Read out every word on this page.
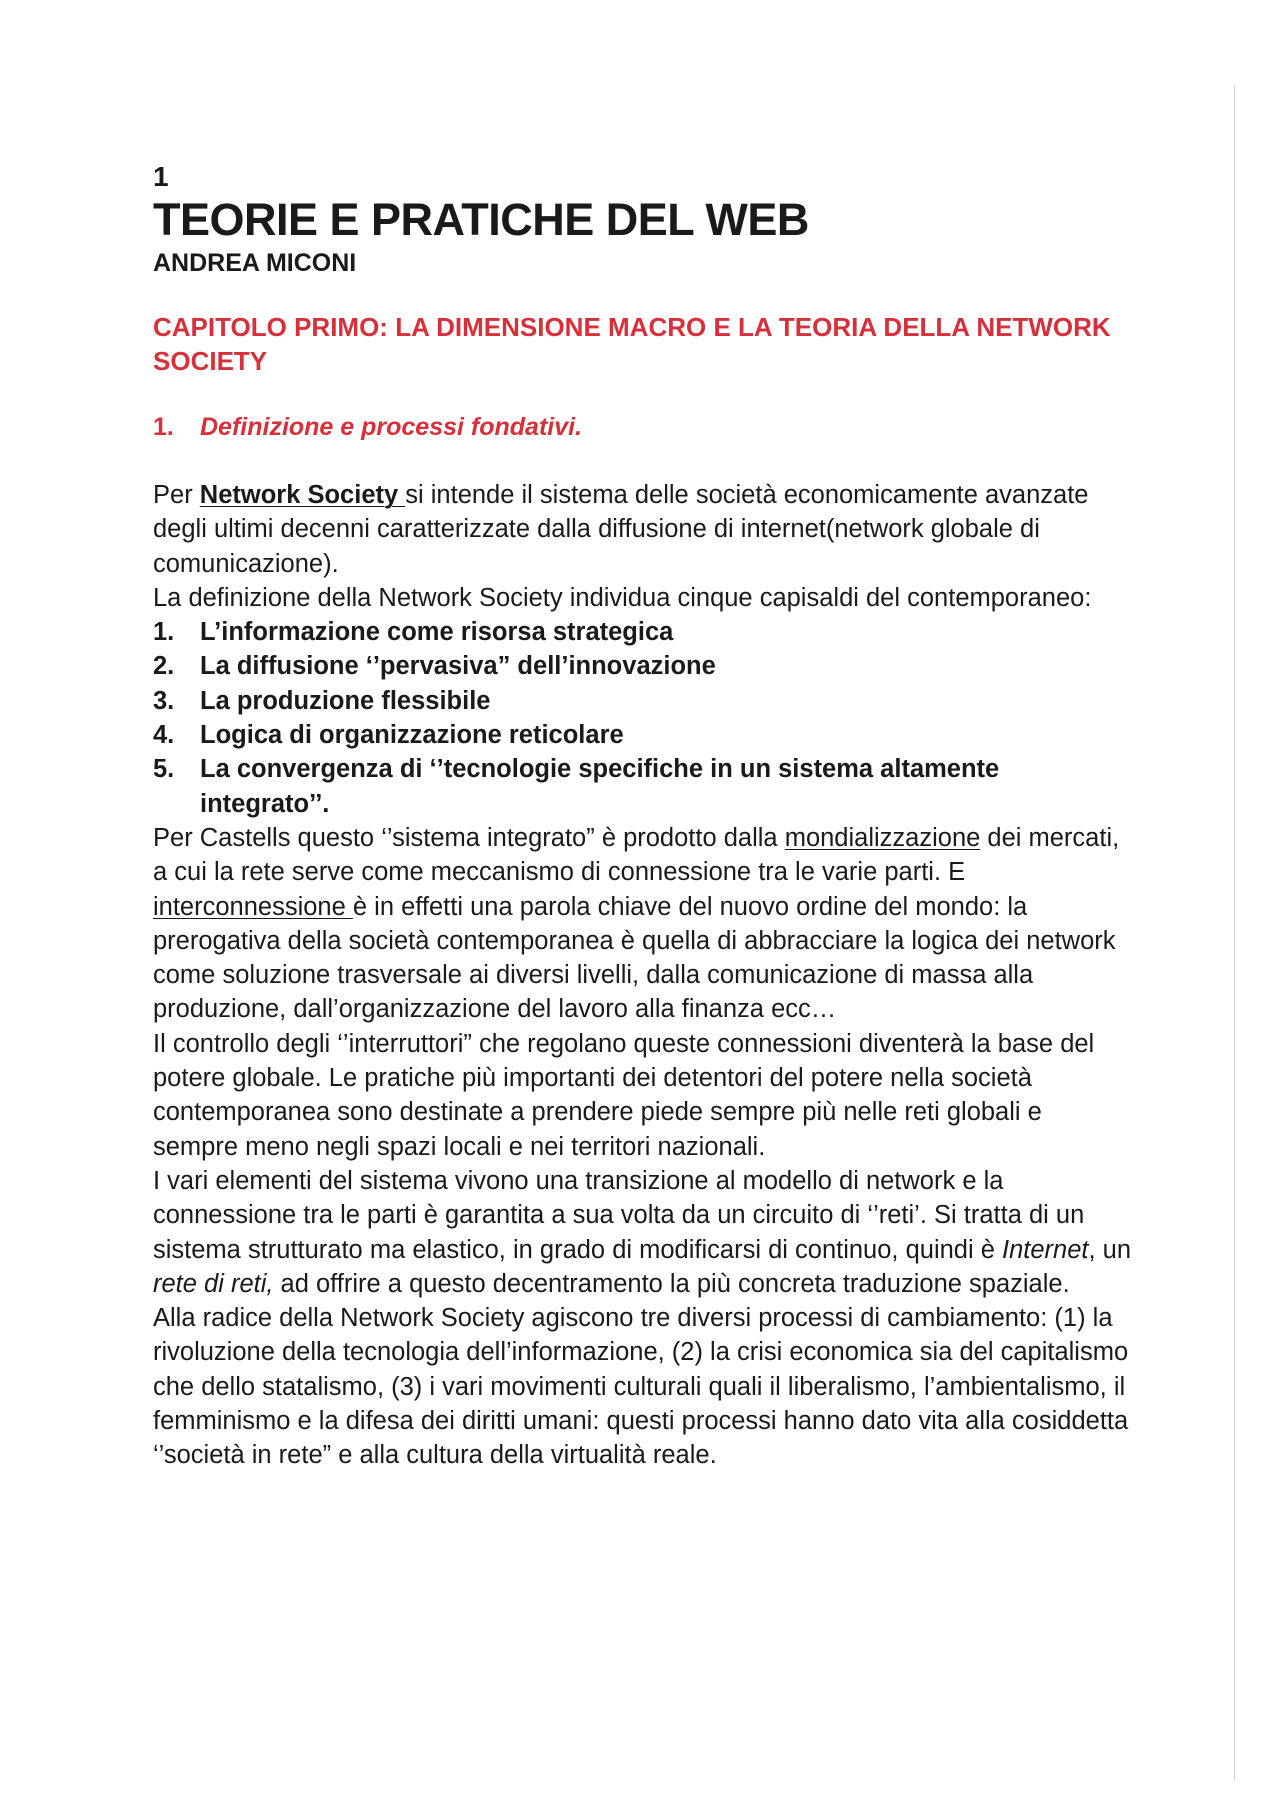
1
TEORIE E PRATICHE DEL WEB
ANDREA MICONI
CAPITOLO PRIMO: LA DIMENSIONE MACRO E LA TEORIA DELLA NETWORK SOCIETY
1. Definizione e processi fondativi.

Per Network Society si intende il sistema delle società economicamente avanzate degli ultimi decenni caratterizzate dalla diffusione di internet(network globale di comunicazione).

La definizione della Network Society individua cinque capisaldi del contemporaneo:

1.	L’informazione come risorsa strategica
2.	La diffusione ‘’pervasiva” dell’innovazione
3.	La produzione flessibile
4.	Logica di organizzazione reticolare
5.	La convergenza di ‘’tecnologie specifiche in un sistema altamente integrato’’.

Per Castells questo ‘’sistema integrato” è prodotto dalla mondializzazione dei mercati, a cui la rete serve come meccanismo di connessione tra le varie parti. E interconnessione è in effetti una parola chiave del nuovo ordine del mondo: la prerogativa della società contemporanea è quella di abbracciare la logica dei network come soluzione trasversale ai diversi livelli, dalla comunicazione di massa alla produzione, dall’organizzazione del lavoro alla finanza ecc…

Il controllo degli ‘’interruttori” che regolano queste connessioni diventerà la base del potere globale. Le pratiche più importanti dei detentori del potere nella società contemporanea sono destinate a prendere piede sempre più nelle reti globali e sempre meno negli spazi locali e nei territori nazionali.

I vari elementi del sistema vivono una transizione al modello di network e la connessione tra le parti è garantita a sua volta da un circuito di ‘’reti’. Si tratta di un sistema strutturato ma elastico, in grado di modificarsi di continuo, quindi è Internet, un rete di reti, ad offrire a questo decentramento la più concreta traduzione spaziale.

Alla radice della Network Society agiscono tre diversi processi di cambiamento: (1) la rivoluzione della tecnologia dell’informazione, (2) la crisi economica sia del capitalismo che dello statalismo, (3) i vari movimenti culturali quali il liberalismo, l’ambientalismo, il femminismo e la difesa dei diritti umani: questi processi hanno dato vita alla cosiddetta ‘’società in rete” e alla cultura della virtualità reale.
